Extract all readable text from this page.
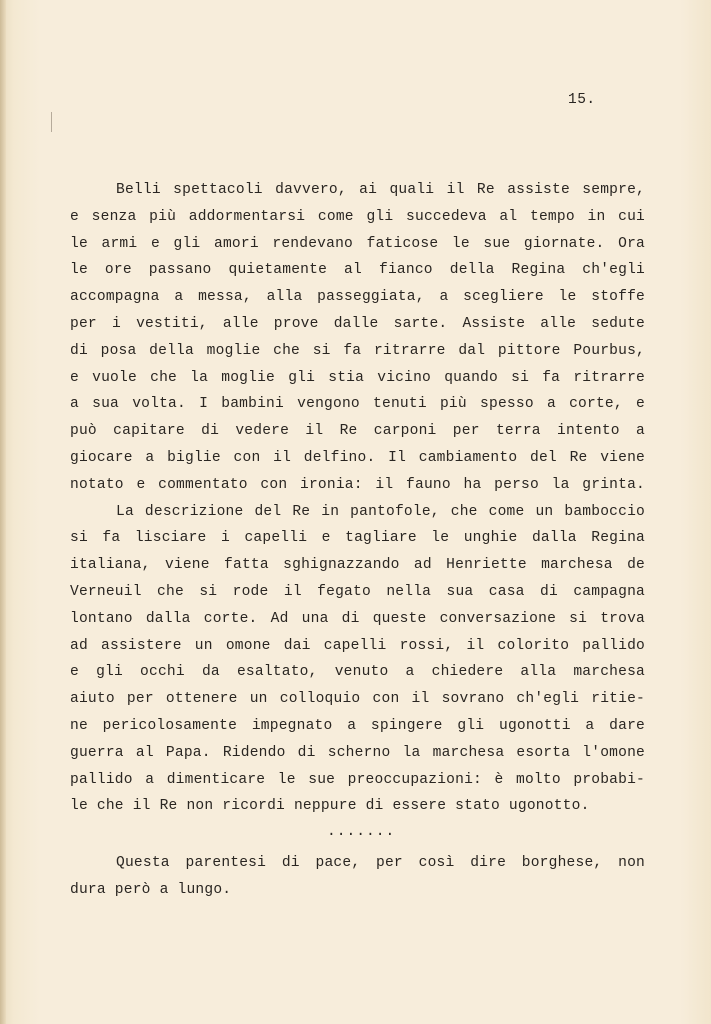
15.
Belli spettacoli davvero, ai quali il Re assiste sempre,
e senza più addormentarsi come gli succedeva al tempo in cui
le armi e gli amori rendevano faticose le sue giornate. Ora
le ore passano quietamente al fianco della Regina ch'egli
accompagna a messa, alla passeggiata, a scegliere le stoffe
per i vestiti, alle prove dalle sarte. Assiste alle sedute
di posa della moglie che si fa ritrarre dal pittore Pourbus,
e vuole che la moglie gli stia vicino quando si fa ritrarre
a sua volta. I bambini vengono tenuti più spesso a corte, e
può capitare di vedere il Re carponi per terra intento a
giocare a biglie con il delfino. Il cambiamento del Re viene
notato e commentato con ironia: il fauno ha perso la grinta.
La descrizione del Re in pantofole, che come un bamboccio
si fa lisciare i capelli e tagliare le unghie dalla Regina
italiana, viene fatta sghignazzando ad Henriette marchesa de
Verneuil che si rode il fegato nella sua casa di campagna
lontano dalla corte. Ad una di queste conversazione si trova
ad assistere un omone dai capelli rossi, il colorito pallido
e gli occhi da esaltato, venuto a chiedere alla marchesa
aiuto per ottenere un colloquio con il sovrano ch'egli ritie-
ne pericolosamente impegnato a spingere gli ugonotti a dare
guerra al Papa. Ridendo di scherno la marchesa esorta l'omone
pallido a dimenticare le sue preoccupazioni: è molto probabi-
le che il Re non ricordi neppure di essere stato ugonotto.
.......
Questa parentesi di pace, per così dire borghese, non
dura però a lungo.
